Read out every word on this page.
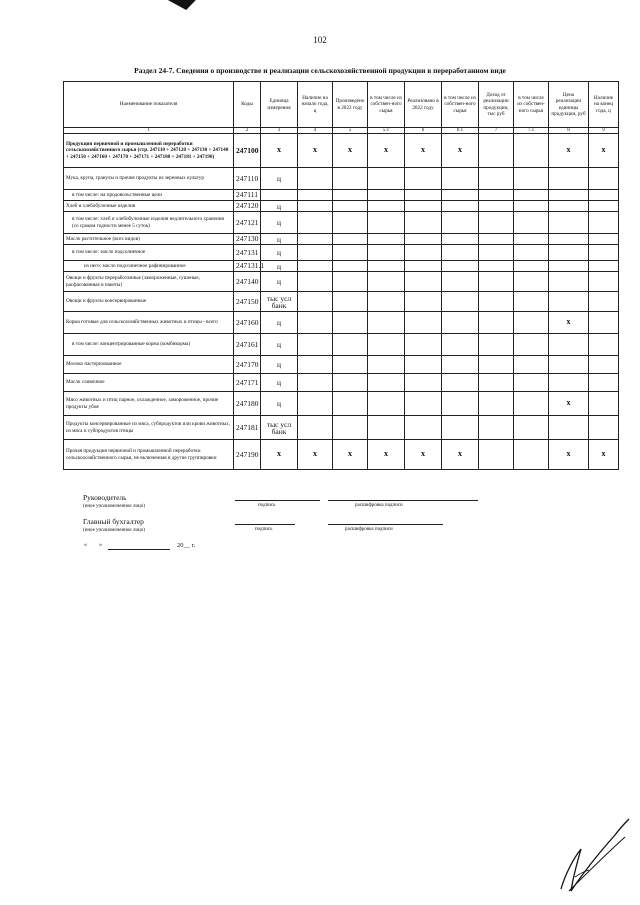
102
Раздел 24-7. Сведения о производстве и реализации сельскохозяйственной продукции в переработанном виде
Наименование показателя	Коды	Единица измерения	Наличие на начало года, ц	Произведено в 2022 году	в том числе из собствен-ного сырья	Реализовано в 2022 году	в том числе из собствен-ного сырья	Доход от реализации продукции, тыс руб	в том числе из собствен-ного сырья	Цена реализации единицы продукции, руб	Наличие на конец года, ц
1	2	3	4	5	5.1	6	6.1	7	7.1	8	9
Продукция первичной и промышленной переработки сельскохозяйственного сырья (стр. 247110 + 247120 + 247130 + 247140 + 247150 + 247160 + 247170 + 247171 + 247180 + 247181 + 247190)	247100	х	х	х	х	х	х			х	х
Мука, крупа, гранулы и прочие продукты из зерновых культур	247110	ц									
в том числе: на продовольственные цели	247111										
Хлеб и хлебобулочные изделия	247120	ц									
в том числе: хлеб и хлебобулочные изделия недлительного хранения (со сроком годности менее 5 суток)	247121	ц									
Масло растительное (всех видов)	247130	ц									
в том числе: масло подсолнечное	247131	ц									
из него: масло подсолнечное рафинированное	247131.1	ц									
Овощи и фрукты переработанные (замороженные, сушеные, расфасованные в пакеты)	247140	ц									
Овощи и фрукты консервированные	247150	тыс усл банк									
Корма готовые для сельскохозяйственных животных и птицы - всего	247160	ц								х	
в том числе: концентрированные корма (комбикорма)	247161	ц									
Молоко пастеризованное	247170	ц									
Масло сливочное	247171	ц									
Мясо животных и птиц парное, охлажденное, замороженное, прочие продукты убоя	247180	ц								х	
Продукты консервированные из мяса, субпродуктов или крови животных, из мяса и субпродуктов птицы	247181	тыс усл банк									
Прочая продукция первичной и промышленной переработки сельскохозяйственного сырья, не включенная в другие группировки	247190	х	х	х	х	х	х			х	х
Руководитель
(иное уполномоченное лицо)	подпись	расшифровка подписи
Главный бухгалтер
(иное уполномоченное лицо)	подпись	расшифровка подписи
« »	20__ г.
